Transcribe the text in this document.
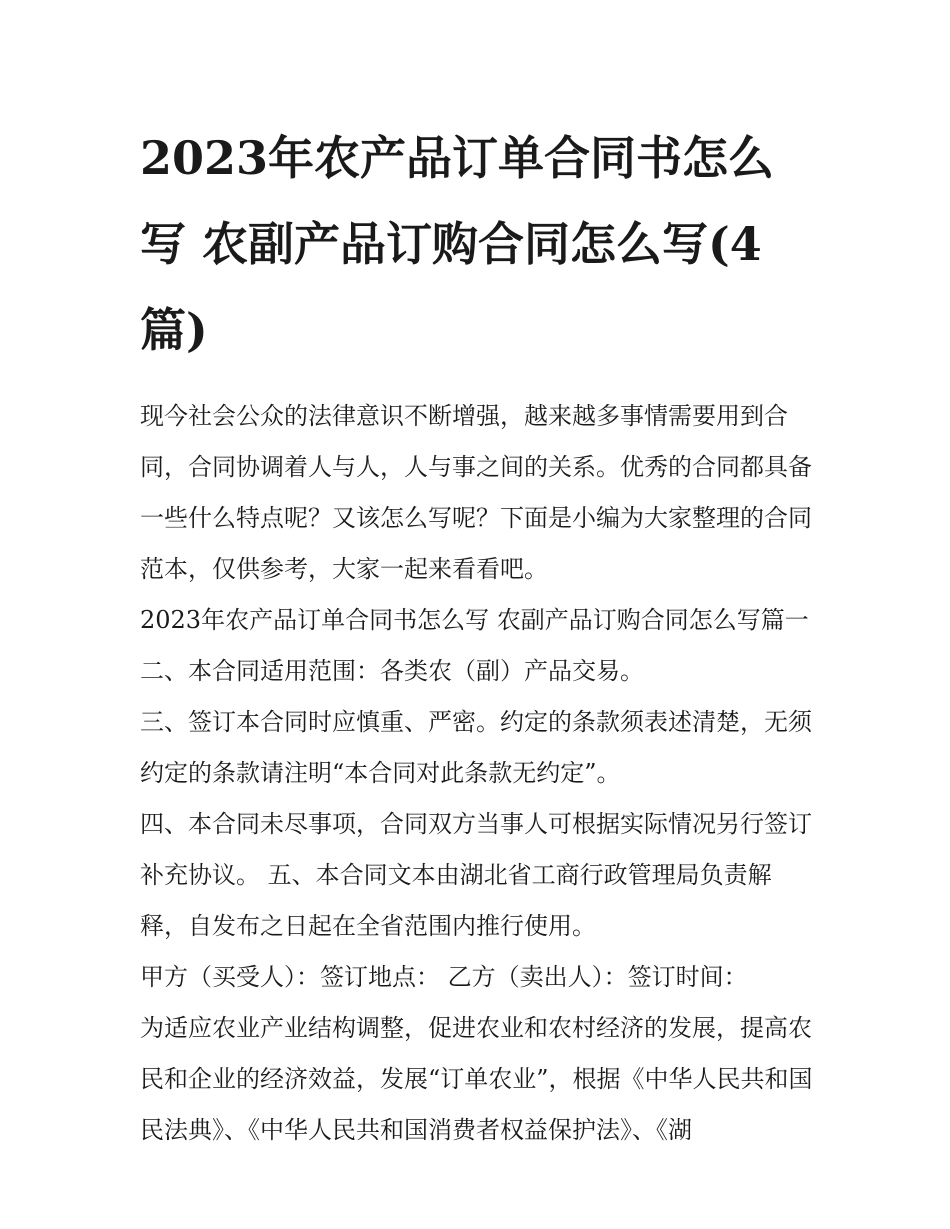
2023年农产品订单合同书怎么写 农副产品订购合同怎么写(4篇)

现今社会公众的法律意识不断增强，越来越多事情需要用到合同，合同协调着人与人，人与事之间的关系。优秀的合同都具备一些什么特点呢？又该怎么写呢？下面是小编为大家整理的合同范本，仅供参考，大家一起来看看吧。

2023年农产品订单合同书怎么写 农副产品订购合同怎么写篇一 二、本合同适用范围：各类农（副）产品交易。

三、签订本合同时应慎重、严密。约定的条款须表述清楚，无须约定的条款请注明“本合同对此条款无约定”。

四、本合同未尽事项，合同双方当事人可根据实际情况另行签订补充协议。 五、本合同文本由湖北省工商行政管理局负责解释，自发布之日起在全省范围内推行使用。

甲方（买受人）：签订地点： 乙方（卖出人）：签订时间：

为适应农业产业结构调整，促进农业和农村经济的发展，提高农民和企业的经济效益，发展“订单农业”，根据《中华人民共和国民法典》、《中华人民共和国消费者权益保护法》、《湖
